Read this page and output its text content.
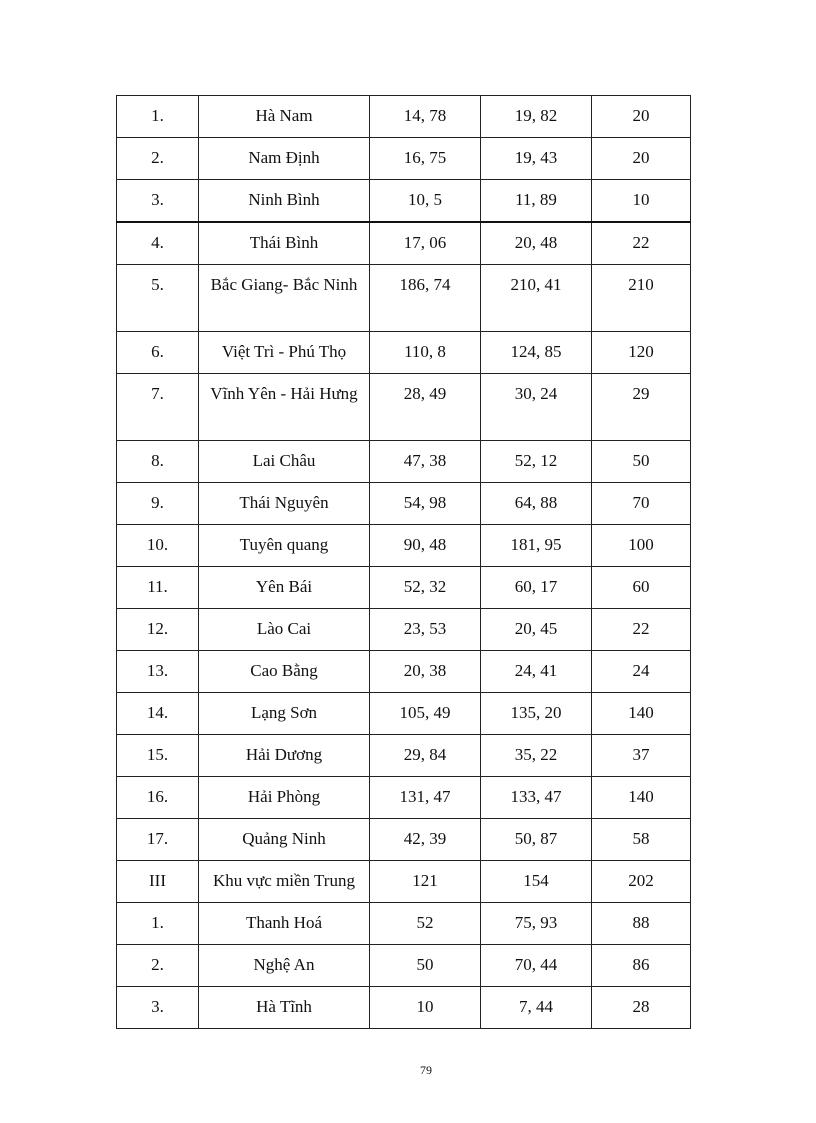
1.	Hà Nam	14, 78	19, 82	20
2.	Nam Định	16, 75	19, 43	20
3.	Ninh Bình	10, 5	11, 89	10
4.	Thái Bình	17, 06	20, 48	22
5.	Bắc Giang- Bắc Ninh	186, 74	210, 41	210
6.	Việt Trì - Phú Thọ	110, 8	124, 85	120
7.	Vĩnh Yên - Hải Hưng	28, 49	30, 24	29
8.	Lai Châu	47, 38	52, 12	50
9.	Thái Nguyên	54, 98	64, 88	70
10.	Tuyên quang	90, 48	181, 95	100
11.	Yên Bái	52, 32	60, 17	60
12.	Lào Cai	23, 53	20, 45	22
13.	Cao Bằng	20, 38	24, 41	24
14.	Lạng Sơn	105, 49	135, 20	140
15.	Hải Dương	29, 84	35, 22	37
16.	Hải Phòng	131, 47	133, 47	140
17.	Quảng Ninh	42, 39	50, 87	58
III	Khu vực miền Trung	121	154	202
1.	Thanh Hoá	52	75, 93	88
2.	Nghệ An	50	70, 44	86
3.	Hà Tĩnh	10	7, 44	28
79
